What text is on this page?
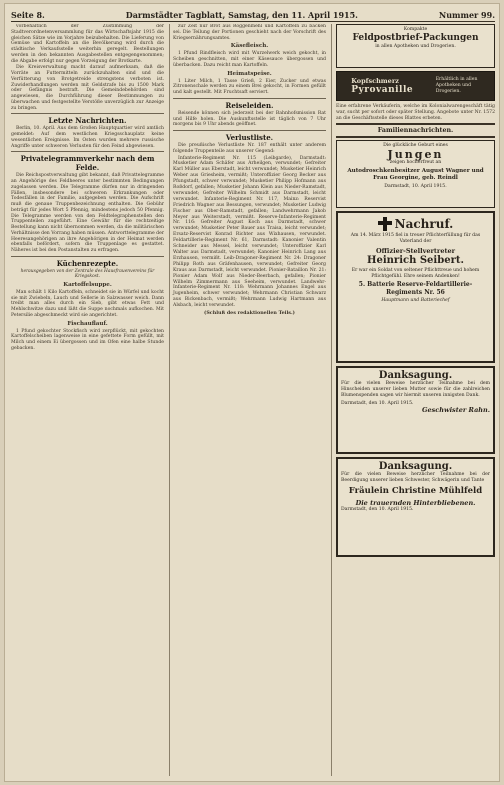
Seite 8.	Darmstädter Tagblatt, Samstag, den 11. April 1915.	Nummer 99.

vorbehaltlich der Zustimmung der Stadtverordnetenversammlung für das Wirtschaftsjahr 1915 die gleichen Sätze wie im Vorjahre beizubehalten. Die Lieferung von Gemüse und Kartoffeln an die Bevölkerung wird durch die städtische Verkaufsstelle weiterhin geregelt. Bestellungen werden in den bekannten Ausgabestellen entgegengenommen; die Abgabe erfolgt nur gegen Vorzeigung der Brotkarte.

Die Kreisverwaltung macht darauf aufmerksam, daß die Vorräte an Futtermitteln zurückzuhalten sind und die Verfütterung von Brotgetreide strengstens verboten ist. Zuwiderhandlungen werden mit Geldstrafe bis zu 1500 Mark oder Gefängnis bestraft. Die Gemeindebehörden sind angewiesen, die Durchführung dieser Bestimmungen zu überwachen und festgestellte Verstöße unverzüglich zur Anzeige zu bringen.

Letzte Nachrichten.

Berlin, 10. April. Aus dem Großen Hauptquartier wird amtlich gemeldet: Auf dem westlichen Kriegsschauplatz keine wesentlichen Ereignisse. Im Osten wurden mehrere russische Angriffe unter schweren Verlusten für den Feind abgewiesen.

Privatelegrammverkehr nach dem Felde.

Die Reichspostverwaltung gibt bekannt, daß Privattelegramme an Angehörige des Feldheeres unter bestimmten Bedingungen zugelassen werden. Die Telegramme dürfen nur in dringenden Fällen, insbesondere bei schweren Erkrankungen oder Todesfällen in der Familie, aufgegeben werden. Die Aufschrift muß die genaue Truppenbezeichnung enthalten. Die Gebühr beträgt für jedes Wort 5 Pfennig, mindestens jedoch 50 Pfennig. Die Telegramme werden von den Feldtelegraphenstellen den Truppenteilen zugeführt. Eine Gewähr für die rechtzeitige Bestellung kann nicht übernommen werden, da die militärischen Verhältnisse den Vorrang haben müssen. Antworttelegramme der Heeresangehörigen an ihre Angehörigen in der Heimat werden ebenfalls befördert, sofern die Truppenlage es gestattet. Näheres ist bei den Postanstalten zu erfragen.

Küchenrezepte.
herausgegeben von der Zentrale des Hausfrauenvereins für Kriegskost.
Kartoffelsuppe.

Man schält 1 Kilo Kartoffeln, schneidet sie in Würfel und kocht sie mit Zwiebeln, Lauch und Sellerie in Salzwasser weich. Dann treibt man alles durch ein Sieb, gibt etwas Fett und Mehlschwitze dazu und läßt die Suppe nochmals aufkochen. Mit Petersilie abgeschmeckt wird sie angerichtet.

Fischauflauf.

1 Pfund gekochter Stockfisch wird zerpflückt, mit gekochten Kartoffelscheiben lagenweise in eine gefettete Form gefüllt, mit Milch und einem Ei übergossen und im Ofen eine halbe Stunde gebacken.

zur Zeit nur Brot aus Roggenmehl und Kartoffeln zu backen sei. Die Teilung der Portionen geschieht nach der Vorschrift des Kriegsernährungsamtes.

Käsefleisch.

1 Pfund Rindfleisch wird mit Wurzelwerk weich gekocht, in Scheiben geschnitten, mit einer Käsesauce übergossen und überbacken. Dazu reicht man Kartoffeln.

Heimatspeise.

1 Liter Milch, 1 Tasse Grieß, 2 Eier, Zucker und etwas Zitronenschale werden zu einem Brei gekocht, in Formen gefüllt und kalt gestellt. Mit Fruchtsaft serviert.

Reiseleiden.

Reisende können sich jederzeit bei der Bahnhofsmission Rat und Hilfe holen. Die Auskunftsstelle ist täglich von 7 Uhr morgens bis 9 Uhr abends geöffnet.

Verlustliste.

Die preußische Verlustliste Nr. 187 enthält unter anderem folgende Truppenteile aus unserer Gegend:

Infanterie-Regiment Nr. 115 (Leibgarde), Darmstadt: Musketier Adam Schäfer aus Arheilgen, verwundet; Gefreiter Karl Müller aus Eberstadt, leicht verwundet; Musketier Heinrich Weber aus Griesheim, vermißt; Unteroffizier Georg Becker aus Pfungstadt, schwer verwundet; Musketier Philipp Hofmann aus Roßdorf, gefallen; Musketier Johann Klein aus Nieder-Ramstadt, verwundet; Gefreiter Wilhelm Schmidt aus Darmstadt, leicht verwundet. Infanterie-Regiment Nr. 117, Mainz: Reservist Friedrich Wagner aus Bessungen, verwundet; Musketier Ludwig Fischer aus Ober-Ramstadt, gefallen; Landwehrmann Jakob Meyer aus Weiterstadt, vermißt. Reserve-Infanterie-Regiment Nr. 116: Gefreiter August Koch aus Darmstadt, schwer verwundet; Musketier Peter Bauer aus Traisa, leicht verwundet; Ersatz-Reservist Konrad Richter aus Wixhausen, verwundet. Feldartillerie-Regiment Nr. 61, Darmstadt: Kanonier Valentin Schneider aus Messel, leicht verwundet; Unteroffizier Karl Walter aus Darmstadt, verwundet; Kanonier Heinrich Lang aus Erzhausen, vermißt. Leib-Dragoner-Regiment Nr. 24: Dragoner Philipp Roth aus Gräfenhausen, verwundet; Gefreiter Georg Kraus aus Darmstadt, leicht verwundet. Pionier-Bataillon Nr. 21: Pionier Adam Wolf aus Nieder-Beerbach, gefallen; Pionier Wilhelm Zimmermann aus Seeheim, verwundet. Landwehr-Infanterie-Regiment Nr. 118: Wehrmann Johannes Engel aus Jugenheim, schwer verwundet; Wehrmann Christian Schwarz aus Bickenbach, vermißt; Wehrmann Ludwig Hartmann aus Alsbach, leicht verwundet.

(Schluß des redaktionellen Teils.)
Kompakte
Feldpostbrief-Packungen
in allen Apotheken und Drogerien.
Kopfschmerz
Pyrovanille
Erhältlich in allen Apotheken und Drogerien.
Eine erfahrene Verkäuferin, welche im Kolonialwarengeschäft tätig war, sucht per sofort oder später Stellung. Angebote unter Nr. 1572 an die Geschäftsstelle dieses Blattes erbeten.
Familiennachrichten.
Die glückliche Geburt eines
Jungen
zeigen hocherfreut an
Autodroschkenbesitzer August Wagner und Frau Georgine, geb. Reindl
Darmstadt, 10. April 1915.
Nachruf.
Am 14. März 1915 fiel in treuer Pflichterfüllung für das Vaterland der
Offizier-Stellvertreter
Heinrich Seibert.
Er war ein Soldat von seltener Pflichttreue und hohem Pflichtgefühl. Ehre seinem Andenken!
5. Batterie Reserve-Feldartillerie-Regiments Nr. 56
Hauptmann und Batteriechef
Danksagung.
Für die vielen Beweise herzlicher Teilnahme bei dem Hinscheiden unserer lieben Mutter sowie für die zahlreichen Blumenspenden sagen wir hiermit unseren innigsten Dank.
Darmstadt, den 10. April 1915.
Geschwister Rahn.
Danksagung.
Für die vielen Beweise herzlicher Teilnahme bei der Beerdigung unserer lieben Schwester, Schwägerin und Tante
Fräulein Christine Mühlfeld
Die trauernden Hinterbliebenen.
Darmstadt, den 10. April 1915.
